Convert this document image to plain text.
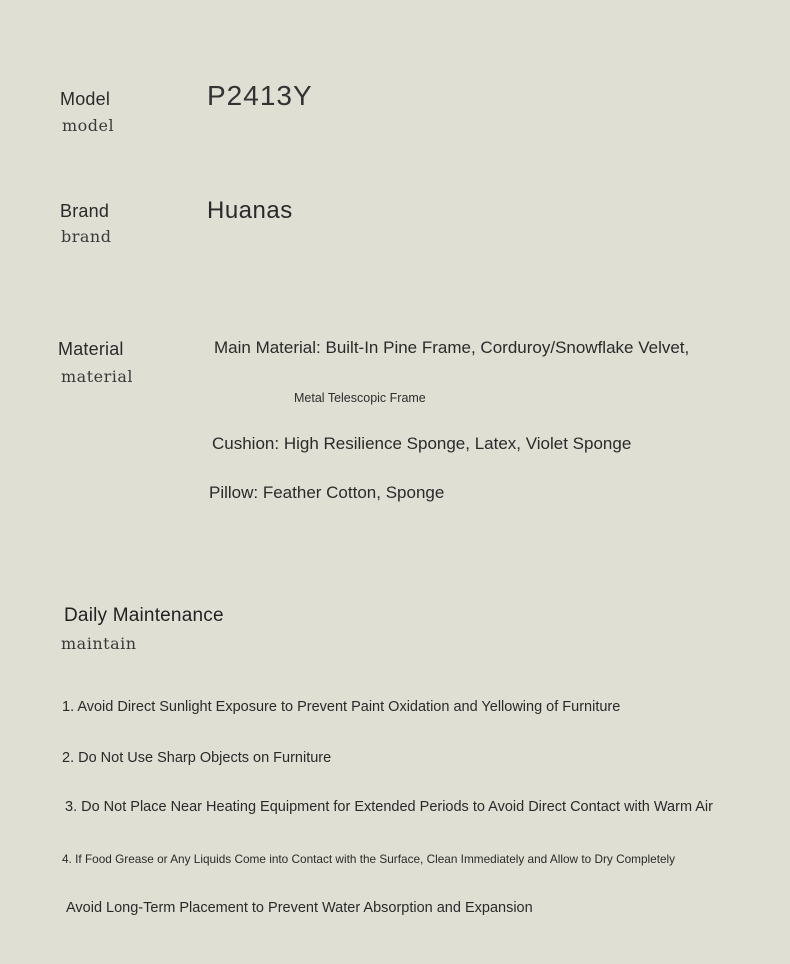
Model
model
P2413Y
Brand
brand
Huanas
Material
material
Main Material: Built-In Pine Frame, Corduroy/Snowflake Velvet,
Metal Telescopic Frame
Cushion: High Resilience Sponge, Latex, Violet Sponge
Pillow: Feather Cotton, Sponge
Daily Maintenance
maintain
1. Avoid Direct Sunlight Exposure to Prevent Paint Oxidation and Yellowing of Furniture
2. Do Not Use Sharp Objects on Furniture
3. Do Not Place Near Heating Equipment for Extended Periods to Avoid Direct Contact with Warm Air
4. If Food Grease or Any Liquids Come into Contact with the Surface, Clean Immediately and Allow to Dry Completely
Avoid Long-Term Placement to Prevent Water Absorption and Expansion
